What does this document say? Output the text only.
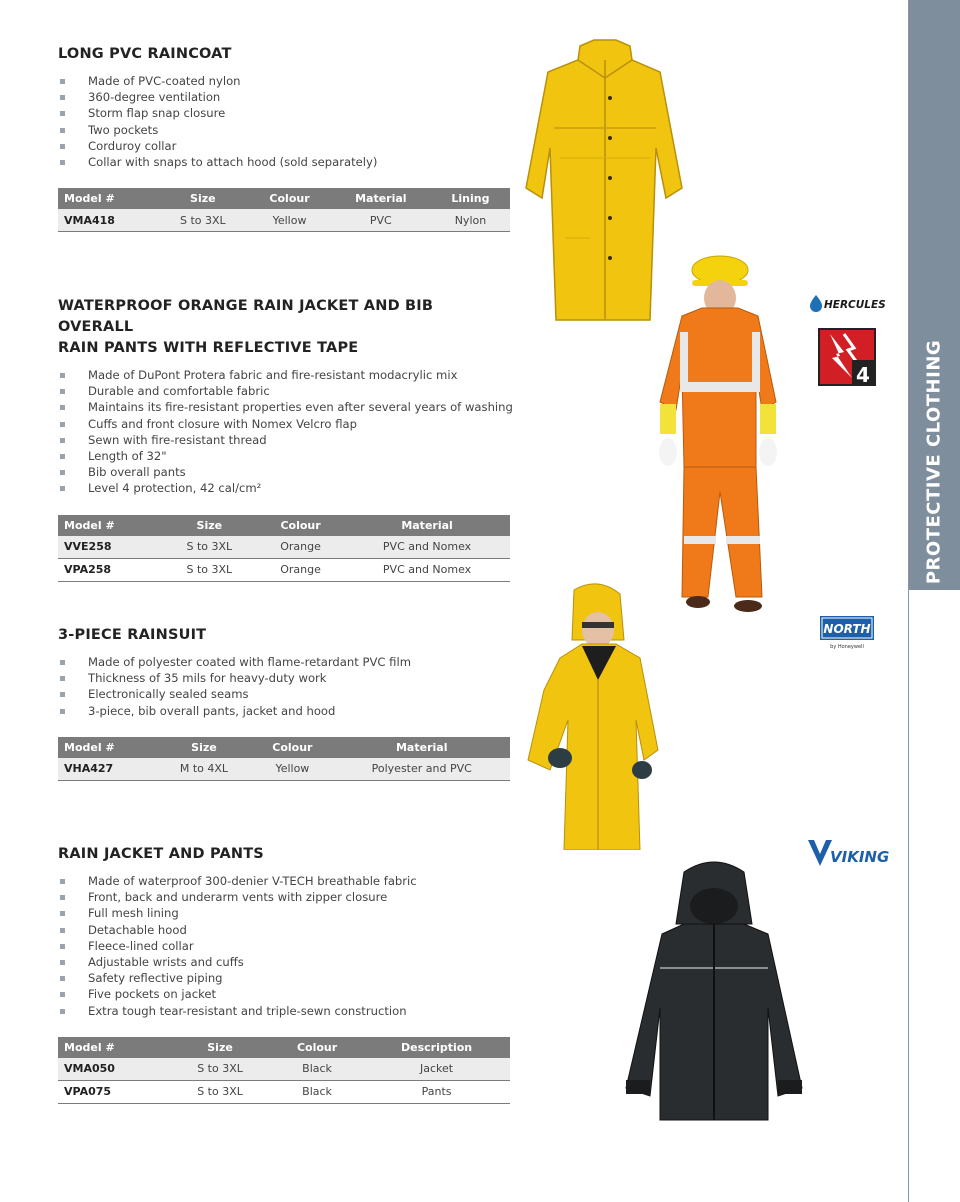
PROTECTIVE CLOTHING
LONG PVC RAINCOAT
Made of PVC-coated nylon
360-degree ventilation
Storm flap snap closure
Two pockets
Corduroy collar
Collar with snaps to attach hood (sold separately)
Model #	Size	Colour	Material	Lining
VMA418	S to 3XL	Yellow	PVC	Nylon
WATERPROOF ORANGE RAIN JACKET AND BIB OVERALL
RAIN PANTS WITH REFLECTIVE TAPE
Made of DuPont Protera fabric and fire-resistant modacrylic mix
Durable and comfortable fabric
Maintains its fire-resistant properties even after several years of washing
Cuffs and front closure with Nomex Velcro flap
Sewn with fire-resistant thread
Length of 32"
Bib overall pants
Level 4 protection, 42 cal/cm²
Model #	Size	Colour	Material
VVE258	S to 3XL	Orange	PVC and Nomex
VPA258	S to 3XL	Orange	PVC and Nomex
3-PIECE RAINSUIT
Made of polyester coated with flame-retardant PVC film
Thickness of 35 mils for heavy-duty work
Electronically sealed seams
3-piece, bib overall pants, jacket and hood
Model #	Size	Colour	Material
VHA427	M to 4XL	Yellow	Polyester and PVC
RAIN JACKET AND PANTS
Made of waterproof 300-denier V-TECH breathable fabric
Front, back and underarm vents with zipper closure
Full mesh lining
Detachable hood
Fleece-lined collar
Adjustable wrists and cuffs
Safety reflective piping
Five pockets on jacket
Extra tough tear-resistant and triple-sewn construction
Model #	Size	Colour	Description
VMA050	S to 3XL	Black	Jacket
VPA075	S to 3XL	Black	Pants
HERCULES
4
NORTH
by Honeywell
VIKING
